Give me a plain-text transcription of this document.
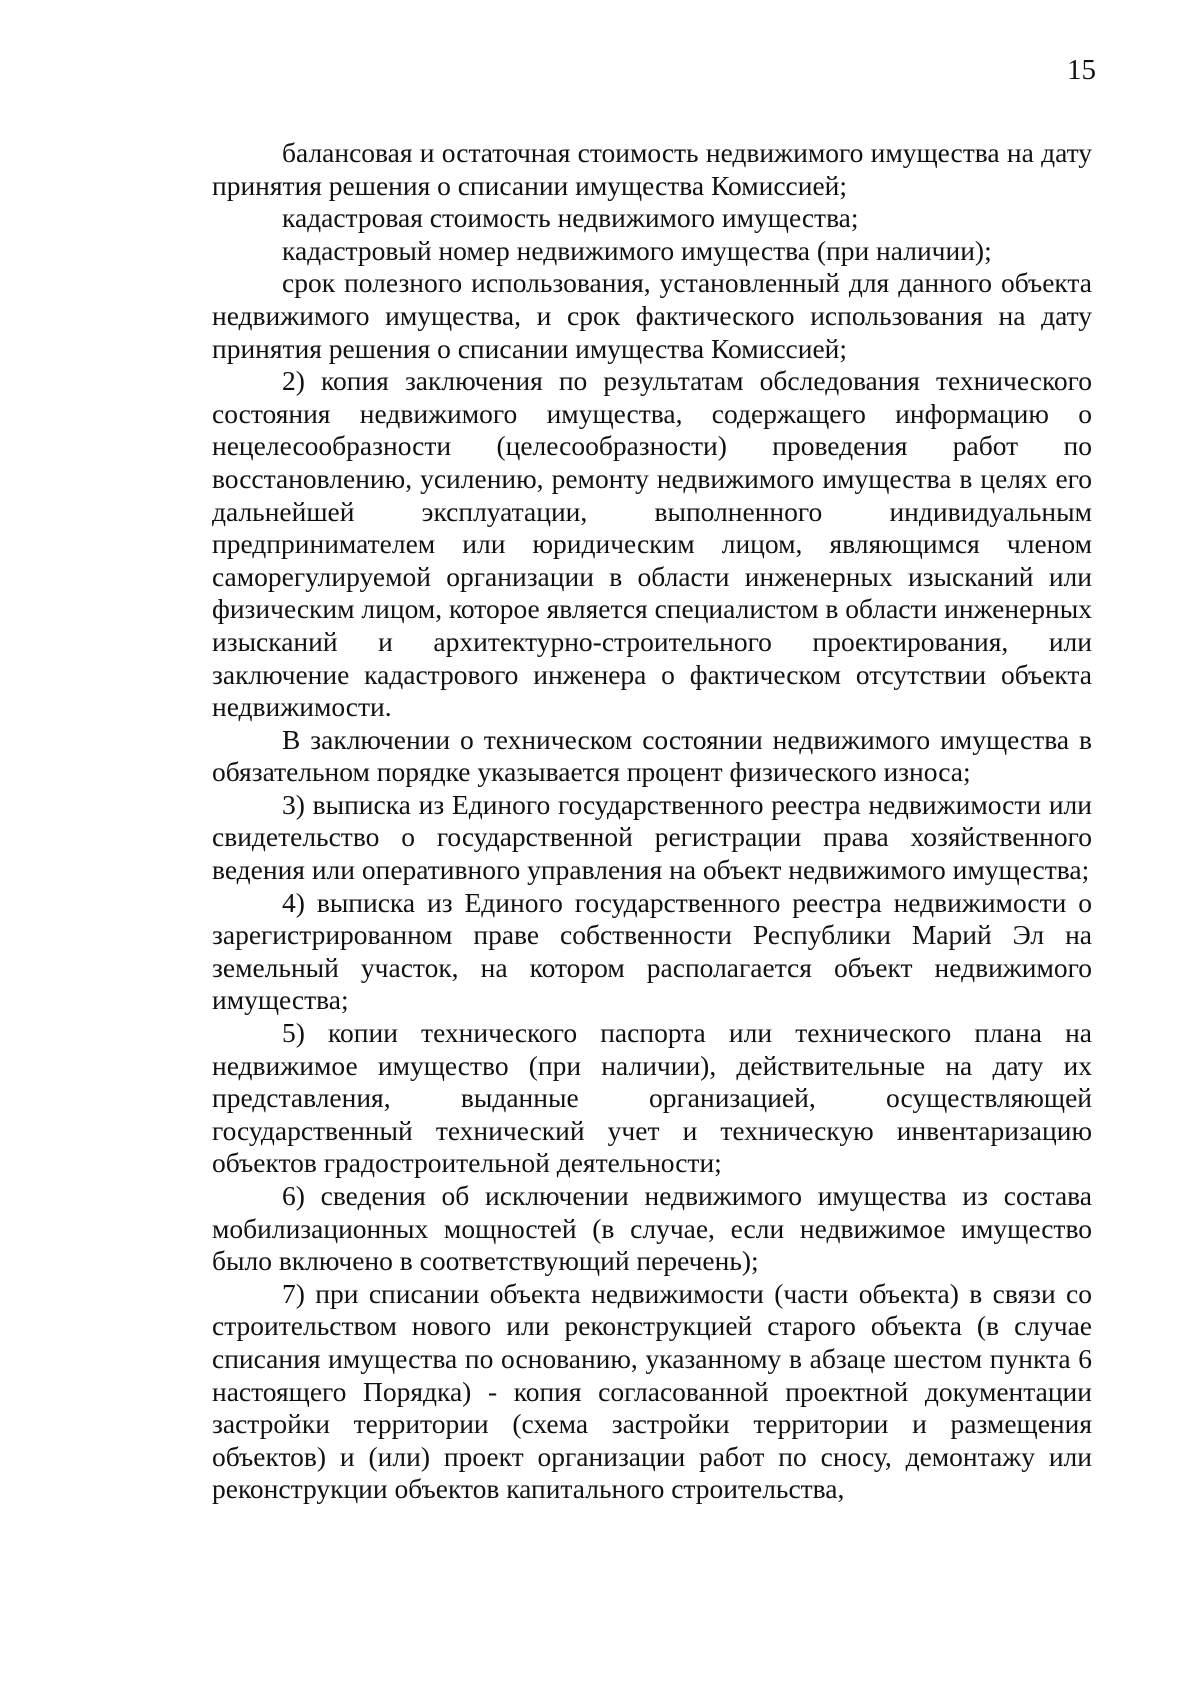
15

балансовая и остаточная стоимость недвижимого имущества на дату принятия решения о списании имущества Комиссией;

кадастровая стоимость недвижимого имущества;

кадастровый номер недвижимого имущества (при наличии);

срок полезного использования, установленный для данного объекта недвижимого имущества, и срок фактического использования на дату принятия решения о списании имущества Комиссией;

2) копия заключения по результатам обследования технического состояния недвижимого имущества, содержащего информацию о нецелесообразности (целесообразности) проведения работ по восстановлению, усилению, ремонту недвижимого имущества в целях его дальнейшей эксплуатации, выполненного индивидуальным предпринимателем или юридическим лицом, являющимся членом саморегулируемой организации в области инженерных изысканий или физическим лицом, которое является специалистом в области инженерных изысканий и архитектурно-строительного проектирования, или заключение кадастрового инженера о фактическом отсутствии объекта недвижимости.

В заключении о техническом состоянии недвижимого имущества в обязательном порядке указывается процент физического износа;

3) выписка из Единого государственного реестра недвижимости или свидетельство о государственной регистрации права хозяйственного ведения или оперативного управления на объект недвижимого имущества;

4) выписка из Единого государственного реестра недвижимости о зарегистрированном праве собственности Республики Марий Эл на земельный участок, на котором располагается объект недвижимого имущества;

5) копии технического паспорта или технического плана на недвижимое имущество (при наличии), действительные на дату их представления, выданные организацией, осуществляющей государственный технический учет и техническую инвентаризацию объектов градостроительной деятельности;

6) сведения об исключении недвижимого имущества из состава мобилизационных мощностей (в случае, если недвижимое имущество было включено в соответствующий перечень);

7) при списании объекта недвижимости (части объекта) в связи со строительством нового или реконструкцией старого объекта (в случае списания имущества по основанию, указанному в абзаце шестом пункта 6 настоящего Порядка) - копия согласованной проектной документации застройки территории (схема застройки территории и размещения объектов) и (или) проект организации работ по сносу, демонтажу или реконструкции объектов капитального строительства,
